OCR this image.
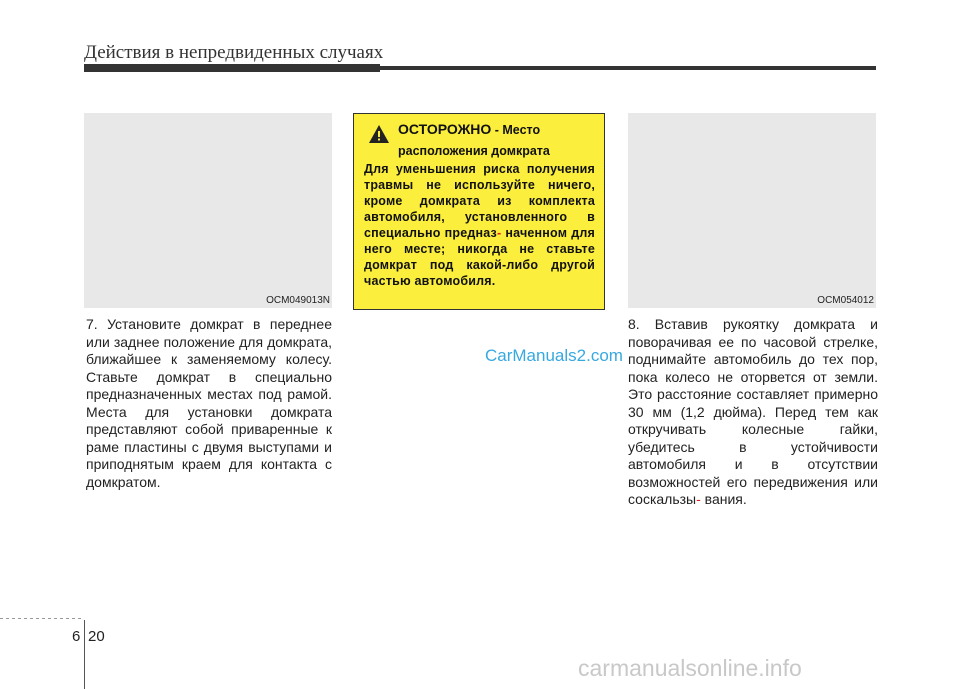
Действия в непредвиденных случаях
OCM049013N
ОСТОРОЖНО - Место
расположения домкрата
Для уменьшения риска получения травмы не используйте ничего, кроме домкрата из комплекта автомобиля, установленного в специально предназ- наченном для него месте; никогда не ставьте домкрат под какой-либо другой частью автомобиля.
OCM054012
7. Установите домкрат в переднее или заднее положение для домкрата, ближайшее к заменяемому колесу. Ставьте домкрат в специально предназначенных местах под рамой. Места для установки домкрата представляют собой приваренные к раме пластины с двумя выступами и приподнятым краем для контакта с домкратом.
CarManuals2.com
8. Вставив рукоятку домкрата и поворачивая ее по часовой стрелке, поднимайте автомобиль до тех пор, пока колесо не оторвется от земли. Это расстояние составляет примерно 30 мм (1,2 дюйма). Перед тем как откручивать колесные гайки, убедитесь в устойчивости автомобиля и в отсутствии возможностей его передвижения или соскальзы- вания.
6 20
carmanualsonline.info
